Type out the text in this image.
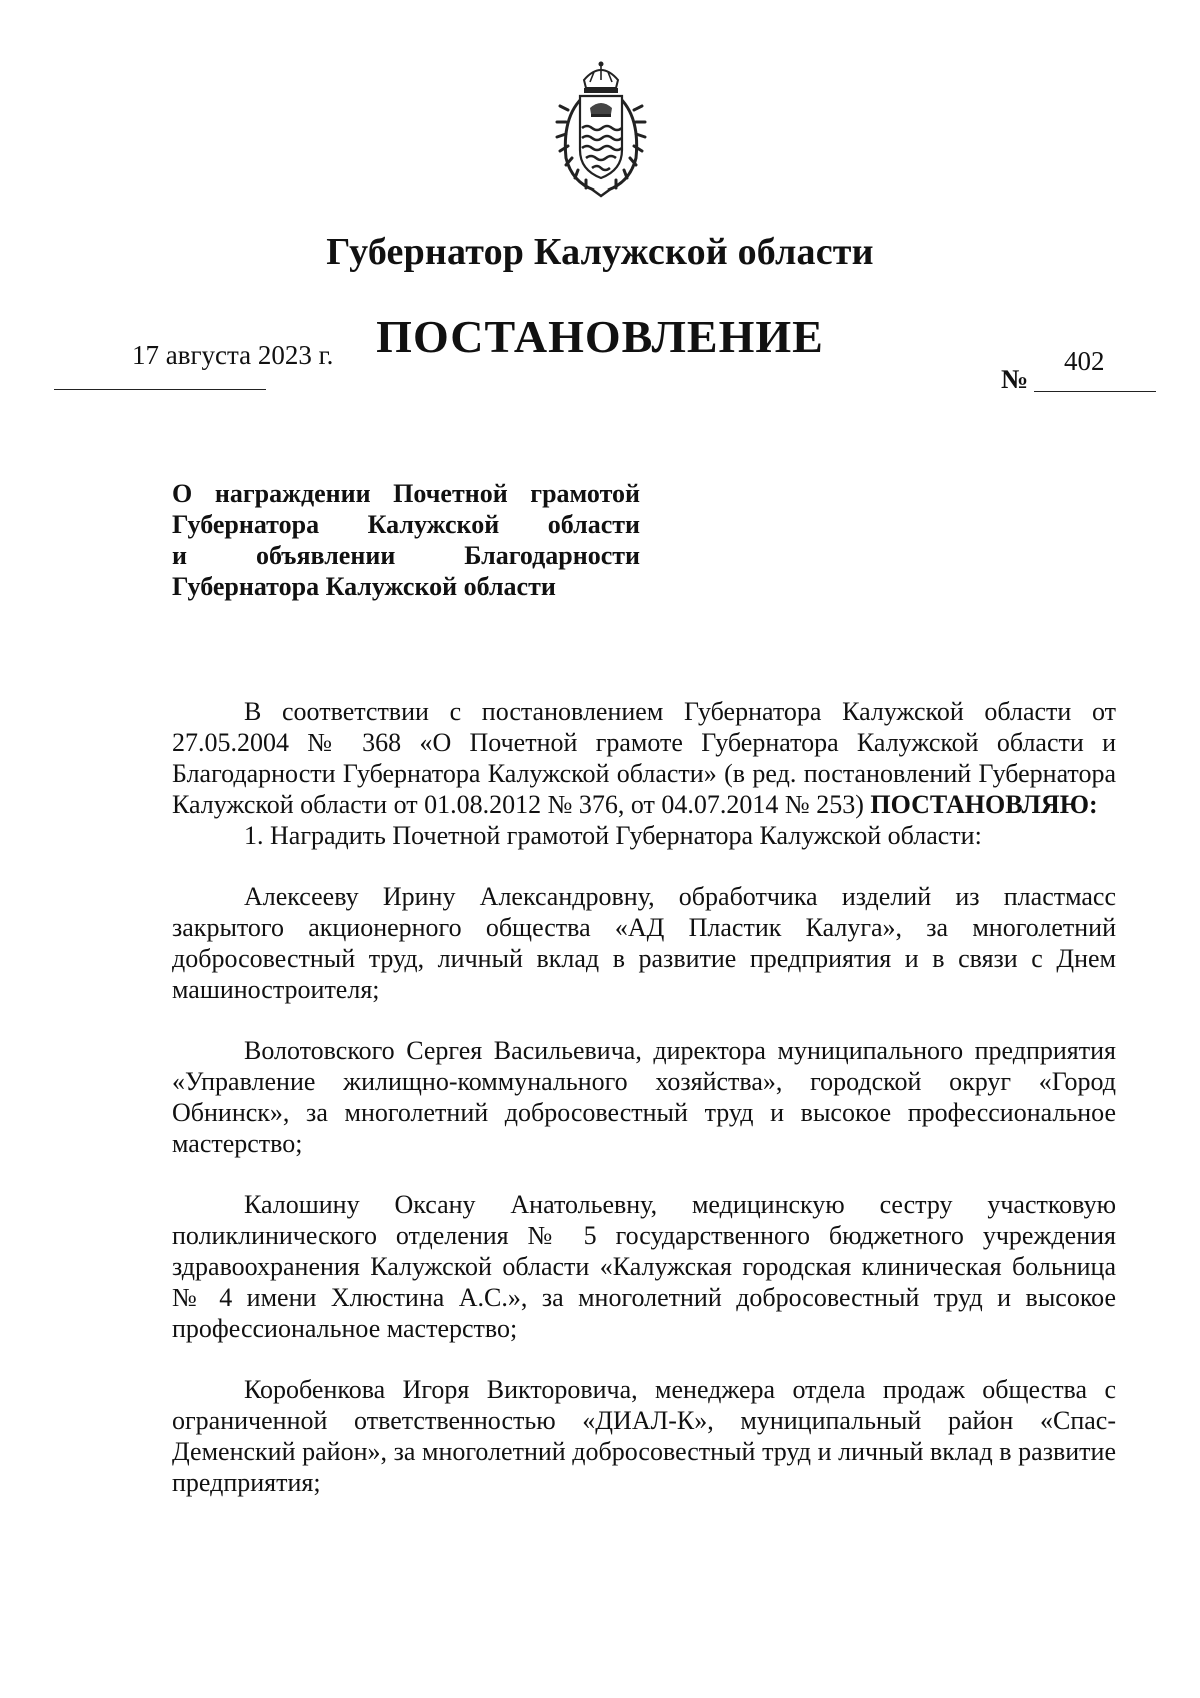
Губернатор Калужской области
ПОСТАНОВЛЕНИЕ
17 августа 2023 г.
№
402
О награждении Почетной грамотой
Губернатора Калужской области
и объявлении Благодарности
Губернатора Калужской области

В соответствии с постановлением Губернатора Калужской области от 27.05.2004 № 368 «О Почетной грамоте Губернатора Калужской области и Благодарности Губернатора Калужской области» (в ред. постановлений Губернатора Калужской области от 01.08.2012 № 376, от 04.07.2014 № 253) ПОСТАНОВЛЯЮ:

1. Наградить Почетной грамотой Губернатора Калужской области:

Алексееву Ирину Александровну, обработчика изделий из пластмасс закрытого акционерного общества «АД Пластик Калуга», за многолетний добросовестный труд, личный вклад в развитие предприятия и в связи с Днем машиностроителя;

Волотовского Сергея Васильевича, директора муниципального предприятия «Управление жилищно-коммунального хозяйства», городской округ «Город Обнинск», за многолетний добросовестный труд и высокое профессиональное мастерство;

Калошину Оксану Анатольевну, медицинскую сестру участковую поликлинического отделения № 5 государственного бюджетного учреждения здравоохранения Калужской области «Калужская городская клиническая больница № 4 имени Хлюстина А.С.», за многолетний добросовестный труд и высокое профессиональное мастерство;

Коробенкова Игоря Викторовича, менеджера отдела продаж общества с ограниченной ответственностью «ДИАЛ-К», муниципальный район «Спас-Деменский район», за многолетний добросовестный труд и личный вклад в развитие предприятия;
